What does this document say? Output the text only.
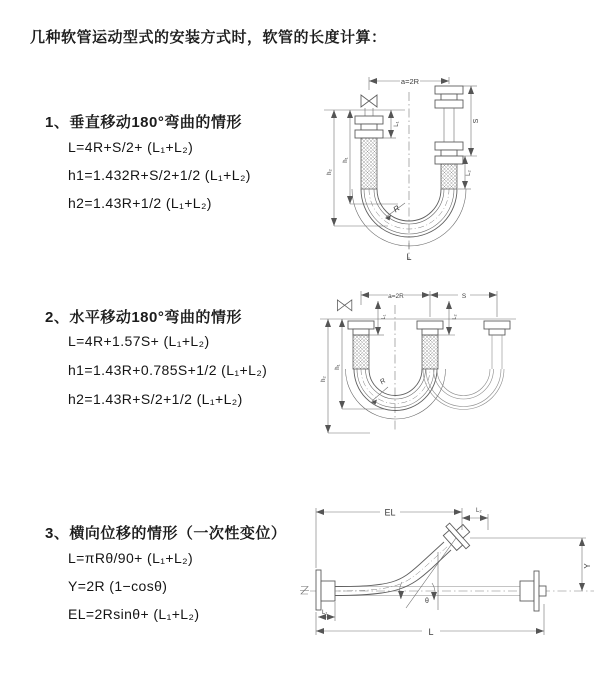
几种软管运动型式的安装方式时，软管的长度计算：
1、垂直移动180°弯曲的情形
L=4R+S/2+ (L₁+L₂)
h1=1.432R+S/2+1/2 (L₁+L₂)
h2=1.43R+1/2 (L₁+L₂)
2、水平移动180°弯曲的情形
L=4R+1.57S+ (L₁+L₂)
h1=1.43R+0.785S+1/2 (L₁+L₂)
h2=1.43R+S/2+1/2 (L₁+L₂)
3、横向位移的情形（一次性变位）
L=πRθ/90+ (L₁+L₂)
Y=2R (1−cosθ)
EL=2Rsinθ+ (L₁+L₂)
a=2R
L₁
h₁
h₂
S
L₂
L
R
a=2R	S
L₁	L₂
h₁
h₂	R
EL	L₂
Y
θ
L₁
L
